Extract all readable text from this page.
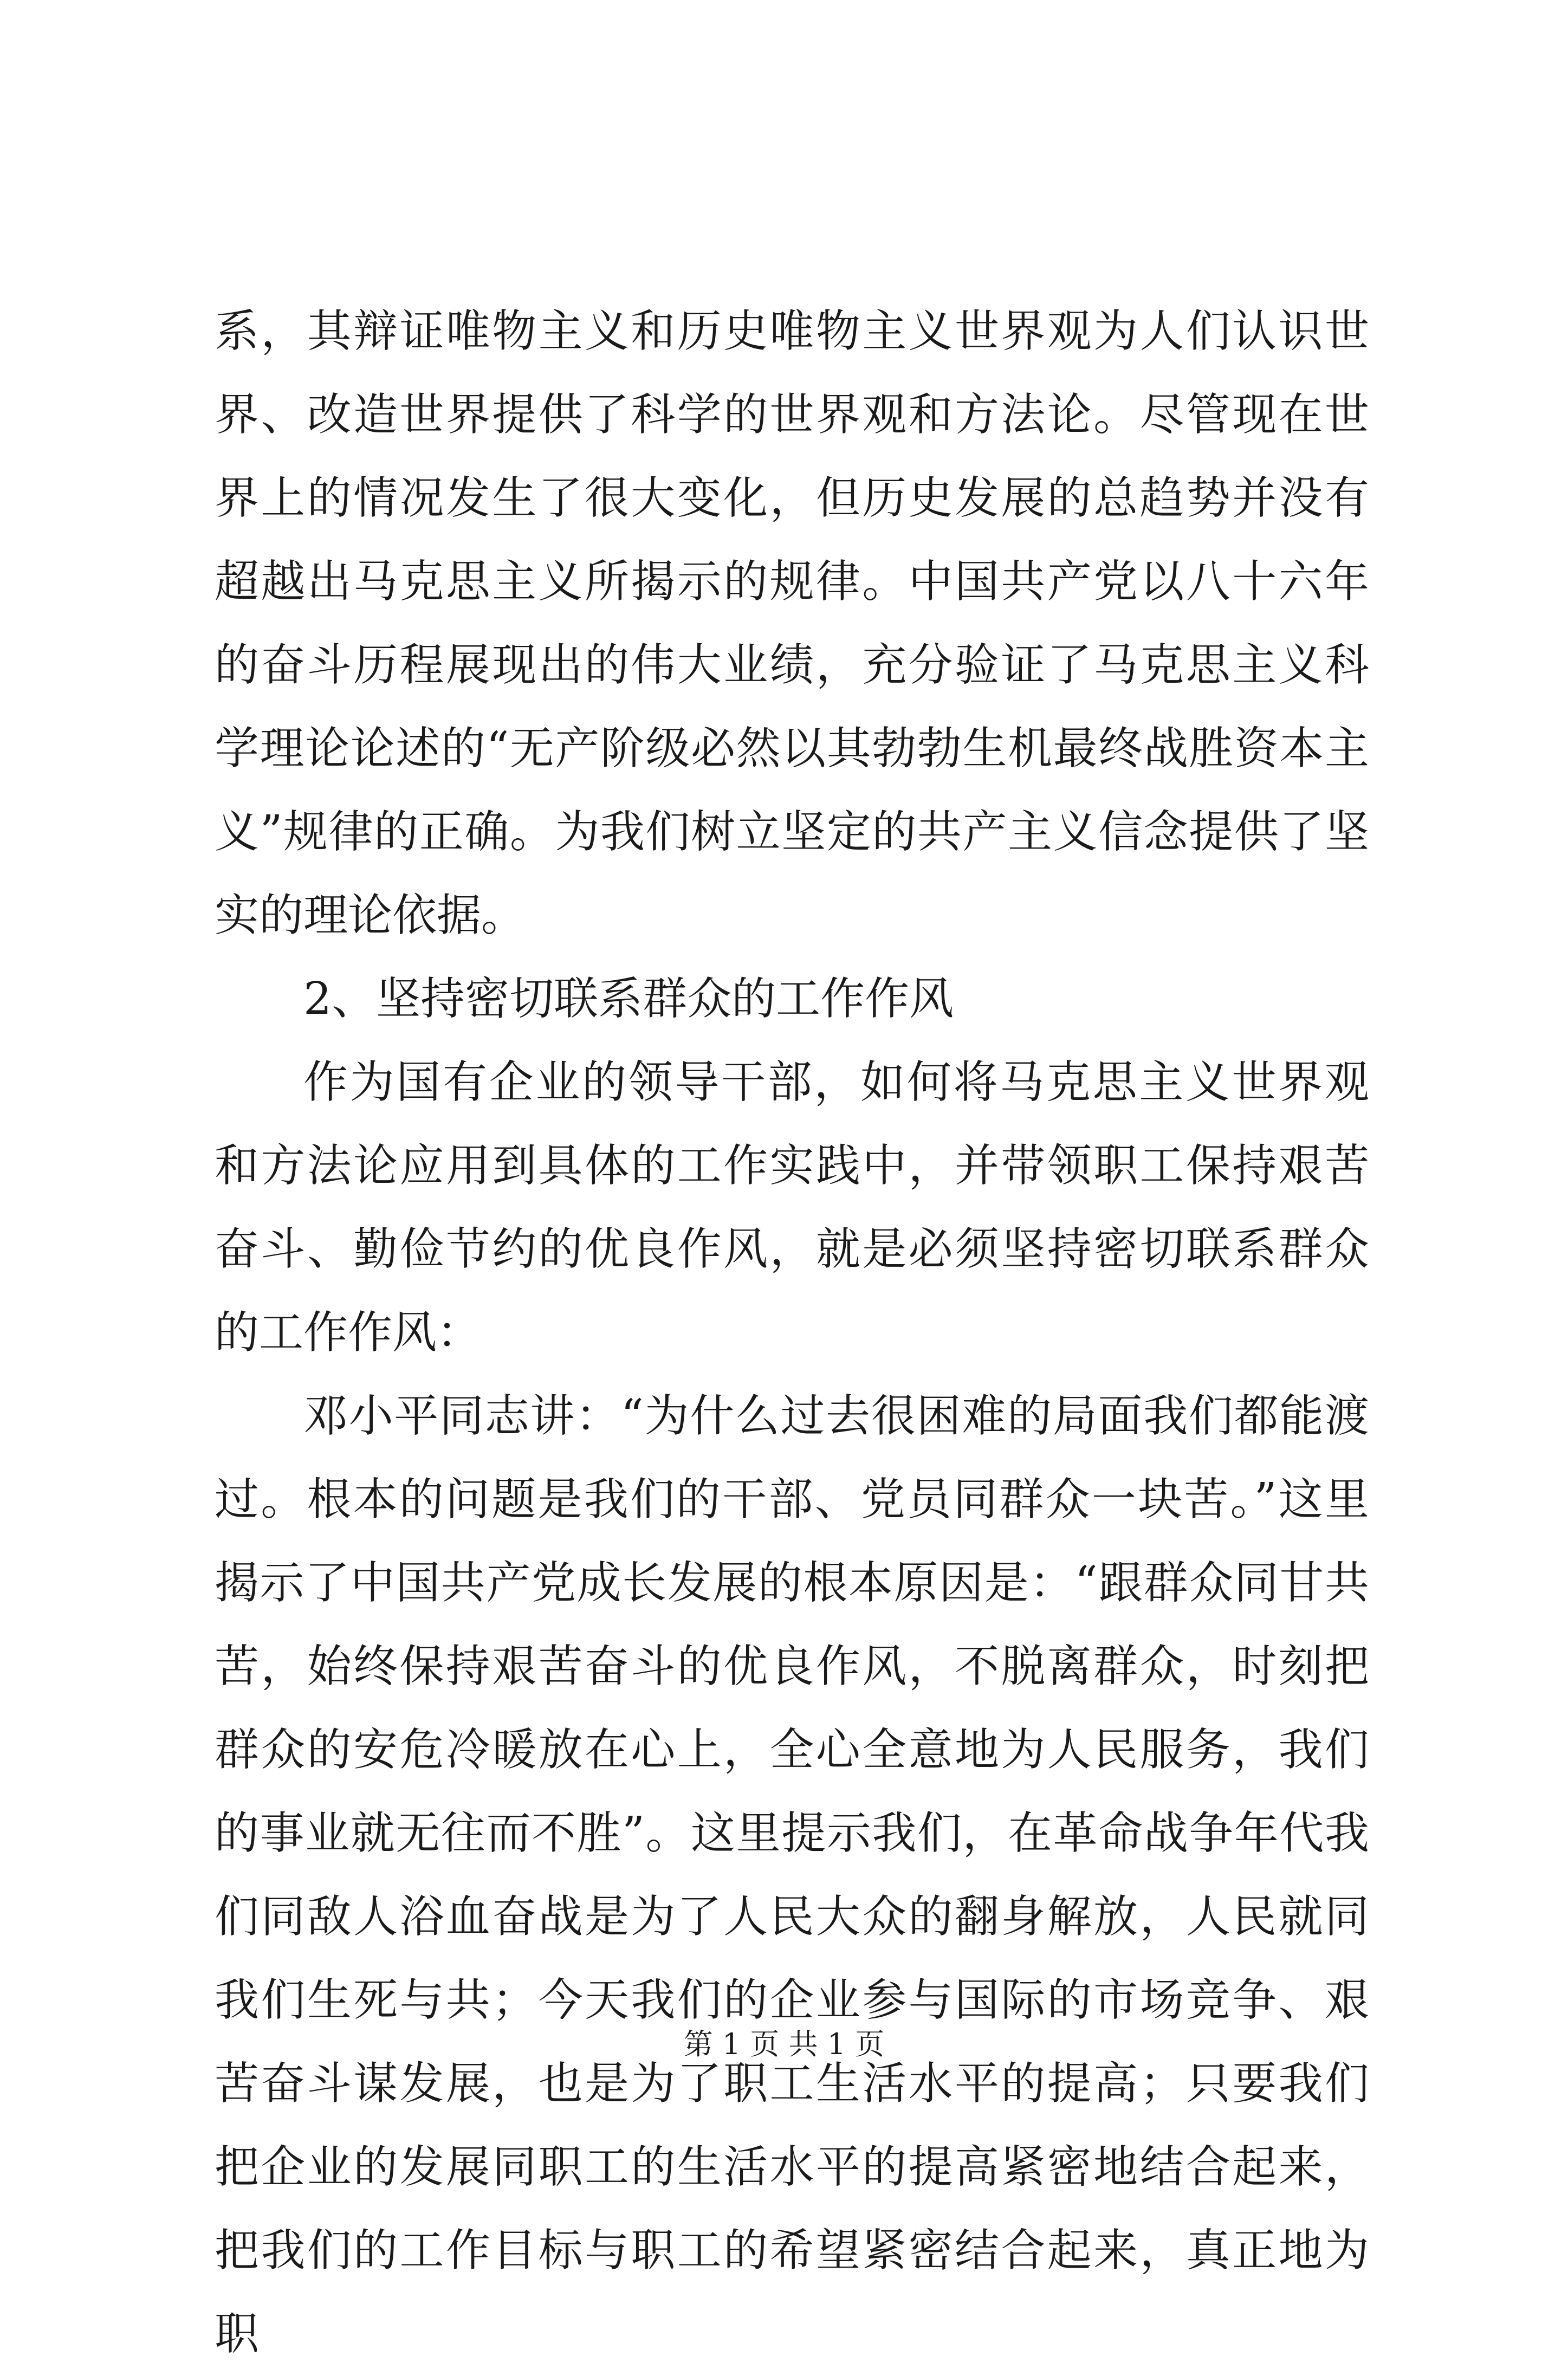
系，其辩证唯物主义和历史唯物主义世界观为人们认识世界、改造世界提供了科学的世界观和方法论。尽管现在世界上的情况发生了很大变化，但历史发展的总趋势并没有超越出马克思主义所揭示的规律。中国共产党以八十六年的奋斗历程展现出的伟大业绩，充分验证了马克思主义科学理论论述的“无产阶级必然以其勃勃生机最终战胜资本主义”规律的正确。为我们树立坚定的共产主义信念提供了坚实的理论依据。

2、坚持密切联系群众的工作作风

作为国有企业的领导干部，如何将马克思主义世界观和方法论应用到具体的工作实践中，并带领职工保持艰苦奋斗、勤俭节约的优良作风，就是必须坚持密切联系群众的工作作风：

邓小平同志讲：“为什么过去很困难的局面我们都能渡过。根本的问题是我们的干部、党员同群众一块苦。”这里揭示了中国共产党成长发展的根本原因是：“跟群众同甘共苦，始终保持艰苦奋斗的优良作风，不脱离群众，时刻把群众的安危冷暖放在心上，全心全意地为人民服务，我们的事业就无往而不胜”。这里提示我们，在革命战争年代我们同敌人浴血奋战是为了人民大众的翻身解放，人民就同我们生死与共；今天我们的企业参与国际的市场竞争、艰苦奋斗谋发展，也是为了职工生活水平的提高；只要我们把企业的发展同职工的生活水平的提高紧密地结合起来，把我们的工作目标与职工的希望紧密结合起来，真正地为职

第 1 页 共 1 页
